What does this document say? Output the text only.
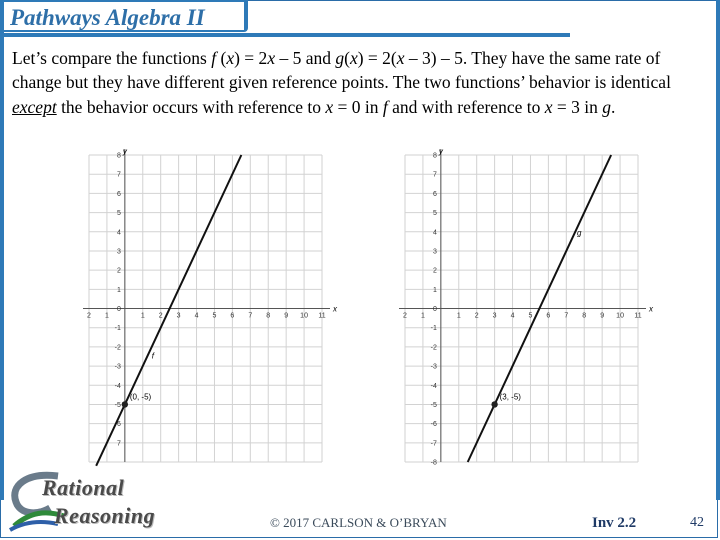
Pathways Algebra II
Let’s compare the functions f (x) = 2x – 5 and g(x) = 2(x – 3) – 5. They have the same rate of change but they have different given reference points. The two functions’ behavior is identical except the behavior occurs with reference to x = 0 in f and with reference to x = 3 in g.
x
y
2 1	1 2 3 4 5 6 7 8 9 10 11
8
7
6
5
4
3
2
1
0
-1
-2
-3
-4
-5
6
7
f
(0, -5)
x
y
2 1	1 2 3 4 5 6 7 8 9 10 11
8
7
6
5
4
3
2
1
0
-1
-2
-3
-4
-5
-6
-7
-8
g
(3, -5)
Rational
Reasoning	© 2017 CARLSON & O’BRYAN	Inv 2.2	42
